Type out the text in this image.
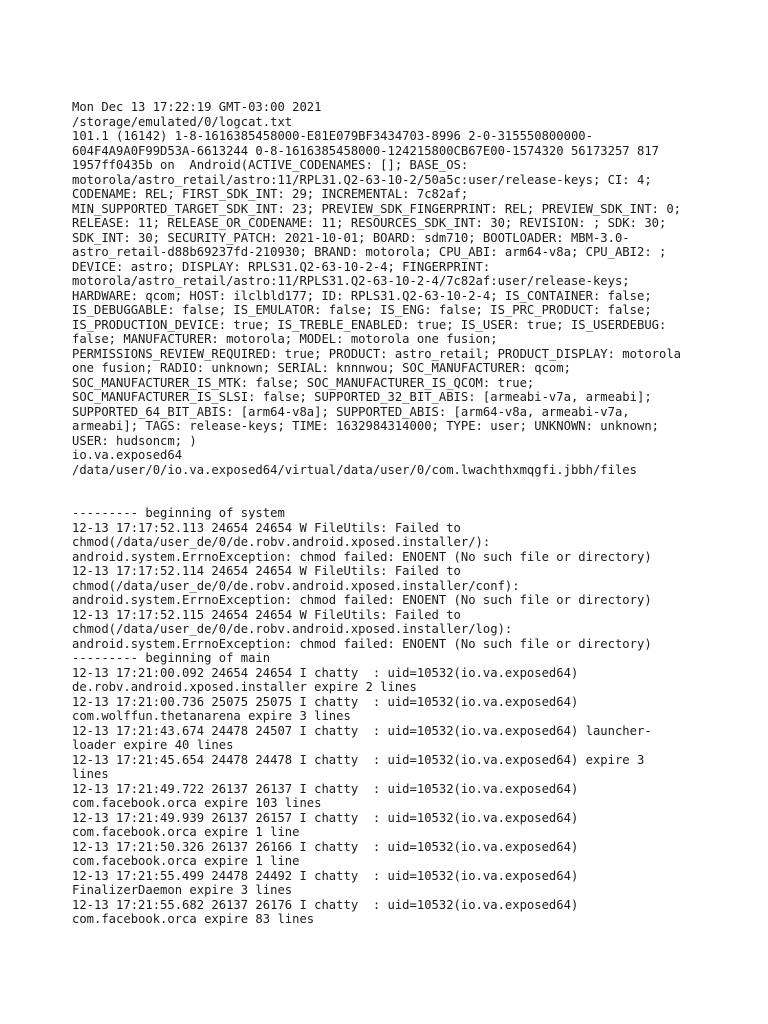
Mon Dec 13 17:22:19 GMT-03:00 2021
/storage/emulated/0/logcat.txt
101.1 (16142) 1-8-1616385458000-E81E079BF3434703-8996 2-0-315550800000-
604F4A9A0F99D53A-6613244 0-8-1616385458000-124215800CB67E00-1574320 56173257 817
1957ff0435b on  Android(ACTIVE_CODENAMES: []; BASE_OS:
motorola/astro_retail/astro:11/RPL31.Q2-63-10-2/50a5c:user/release-keys; CI: 4;
CODENAME: REL; FIRST_SDK_INT: 29; INCREMENTAL: 7c82af;
MIN_SUPPORTED_TARGET_SDK_INT: 23; PREVIEW_SDK_FINGERPRINT: REL; PREVIEW_SDK_INT: 0;
RELEASE: 11; RELEASE_OR_CODENAME: 11; RESOURCES_SDK_INT: 30; REVISION: ; SDK: 30;
SDK_INT: 30; SECURITY_PATCH: 2021-10-01; BOARD: sdm710; BOOTLOADER: MBM-3.0-
astro_retail-d88b69237fd-210930; BRAND: motorola; CPU_ABI: arm64-v8a; CPU_ABI2: ;
DEVICE: astro; DISPLAY: RPLS31.Q2-63-10-2-4; FINGERPRINT:
motorola/astro_retail/astro:11/RPLS31.Q2-63-10-2-4/7c82af:user/release-keys;
HARDWARE: qcom; HOST: ilclbld177; ID: RPLS31.Q2-63-10-2-4; IS_CONTAINER: false;
IS_DEBUGGABLE: false; IS_EMULATOR: false; IS_ENG: false; IS_PRC_PRODUCT: false;
IS_PRODUCTION_DEVICE: true; IS_TREBLE_ENABLED: true; IS_USER: true; IS_USERDEBUG:
false; MANUFACTURER: motorola; MODEL: motorola one fusion;
PERMISSIONS_REVIEW_REQUIRED: true; PRODUCT: astro_retail; PRODUCT_DISPLAY: motorola
one fusion; RADIO: unknown; SERIAL: knnnwou; SOC_MANUFACTURER: qcom;
SOC_MANUFACTURER_IS_MTK: false; SOC_MANUFACTURER_IS_QCOM: true;
SOC_MANUFACTURER_IS_SLSI: false; SUPPORTED_32_BIT_ABIS: [armeabi-v7a, armeabi];
SUPPORTED_64_BIT_ABIS: [arm64-v8a]; SUPPORTED_ABIS: [arm64-v8a, armeabi-v7a,
armeabi]; TAGS: release-keys; TIME: 1632984314000; TYPE: user; UNKNOWN: unknown;
USER: hudsoncm; )
io.va.exposed64
/data/user/0/io.va.exposed64/virtual/data/user/0/com.lwachthxmqgfi.jbbh/files
--------- beginning of system
12-13 17:17:52.113 24654 24654 W FileUtils: Failed to
chmod(/data/user_de/0/de.robv.android.xposed.installer/):
android.system.ErrnoException: chmod failed: ENOENT (No such file or directory)
12-13 17:17:52.114 24654 24654 W FileUtils: Failed to
chmod(/data/user_de/0/de.robv.android.xposed.installer/conf):
android.system.ErrnoException: chmod failed: ENOENT (No such file or directory)
12-13 17:17:52.115 24654 24654 W FileUtils: Failed to
chmod(/data/user_de/0/de.robv.android.xposed.installer/log):
android.system.ErrnoException: chmod failed: ENOENT (No such file or directory)
--------- beginning of main
12-13 17:21:00.092 24654 24654 I chatty  : uid=10532(io.va.exposed64)
de.robv.android.xposed.installer expire 2 lines
12-13 17:21:00.736 25075 25075 I chatty  : uid=10532(io.va.exposed64)
com.wolffun.thetanarena expire 3 lines
12-13 17:21:43.674 24478 24507 I chatty  : uid=10532(io.va.exposed64) launcher-
loader expire 40 lines
12-13 17:21:45.654 24478 24478 I chatty  : uid=10532(io.va.exposed64) expire 3
lines
12-13 17:21:49.722 26137 26137 I chatty  : uid=10532(io.va.exposed64)
com.facebook.orca expire 103 lines
12-13 17:21:49.939 26137 26157 I chatty  : uid=10532(io.va.exposed64)
com.facebook.orca expire 1 line
12-13 17:21:50.326 26137 26166 I chatty  : uid=10532(io.va.exposed64)
com.facebook.orca expire 1 line
12-13 17:21:55.499 24478 24492 I chatty  : uid=10532(io.va.exposed64)
FinalizerDaemon expire 3 lines
12-13 17:21:55.682 26137 26176 I chatty  : uid=10532(io.va.exposed64)
com.facebook.orca expire 83 lines
